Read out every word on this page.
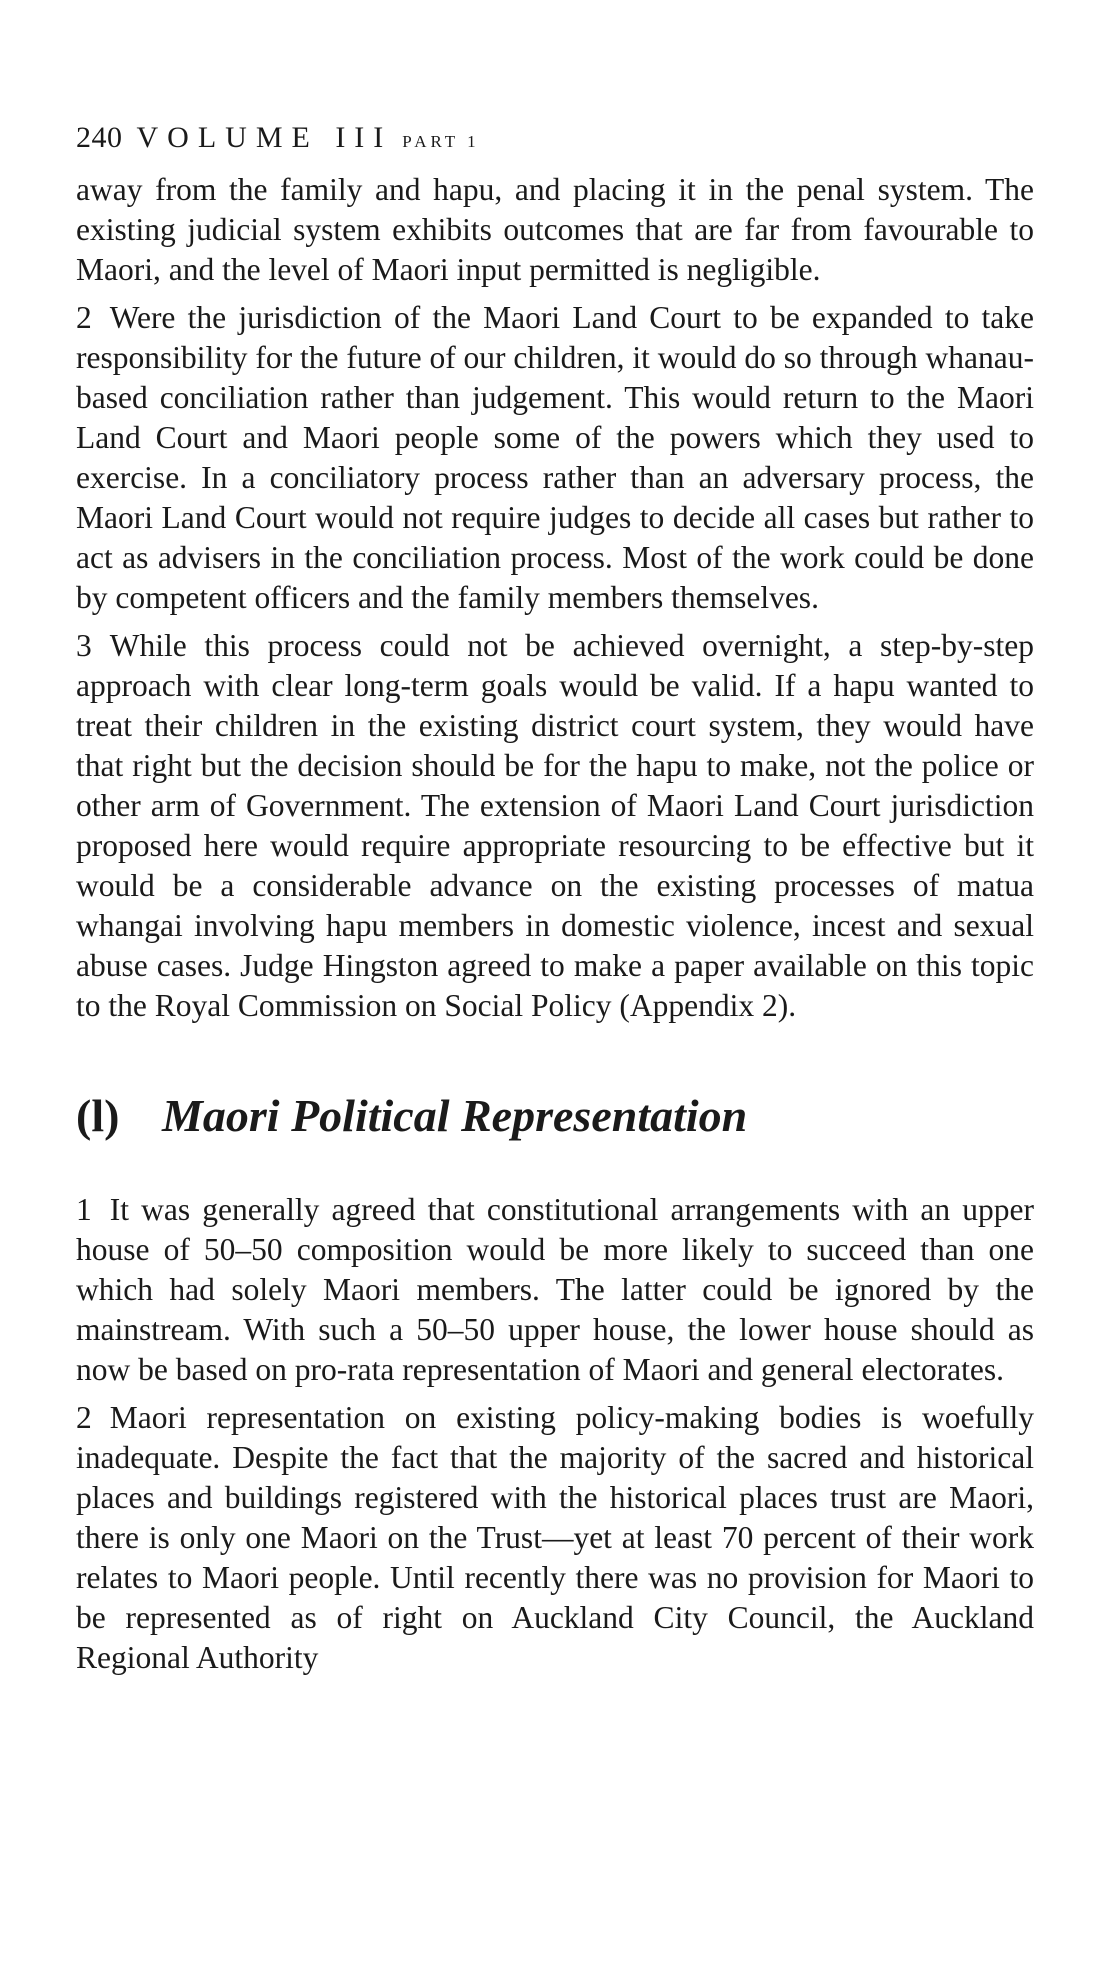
240 VOLUME III PART 1

away from the family and hapu, and placing it in the penal system. The existing judicial system exhibits outcomes that are far from favourable to Maori, and the level of Maori input permitted is negligible.

2 Were the jurisdiction of the Maori Land Court to be expanded to take responsibility for the future of our children, it would do so through whanau-based conciliation rather than judgement. This would return to the Maori Land Court and Maori people some of the powers which they used to exercise. In a conciliatory process rather than an adversary process, the Maori Land Court would not require judges to decide all cases but rather to act as advisers in the conciliation process. Most of the work could be done by competent officers and the family members themselves.

3 While this process could not be achieved overnight, a step-by-step approach with clear long-term goals would be valid. If a hapu wanted to treat their children in the existing district court system, they would have that right but the decision should be for the hapu to make, not the police or other arm of Government. The extension of Maori Land Court jurisdiction proposed here would require appropriate resourcing to be effective but it would be a considerable advance on the existing processes of matua whangai involving hapu members in domestic violence, incest and sexual abuse cases. Judge Hingston agreed to make a paper available on this topic to the Royal Commission on Social Policy (Appendix 2).

(l) Maori Political Representation

1 It was generally agreed that constitutional arrangements with an upper house of 50–50 composition would be more likely to succeed than one which had solely Maori members. The latter could be ignored by the mainstream. With such a 50–50 upper house, the lower house should as now be based on pro-rata representation of Maori and general electorates.

2 Maori representation on existing policy-making bodies is woefully inadequate. Despite the fact that the majority of the sacred and historical places and buildings registered with the historical places trust are Maori, there is only one Maori on the Trust—yet at least 70 percent of their work relates to Maori people. Until recently there was no provision for Maori to be represented as of right on Auckland City Council, the Auckland Regional Authority
